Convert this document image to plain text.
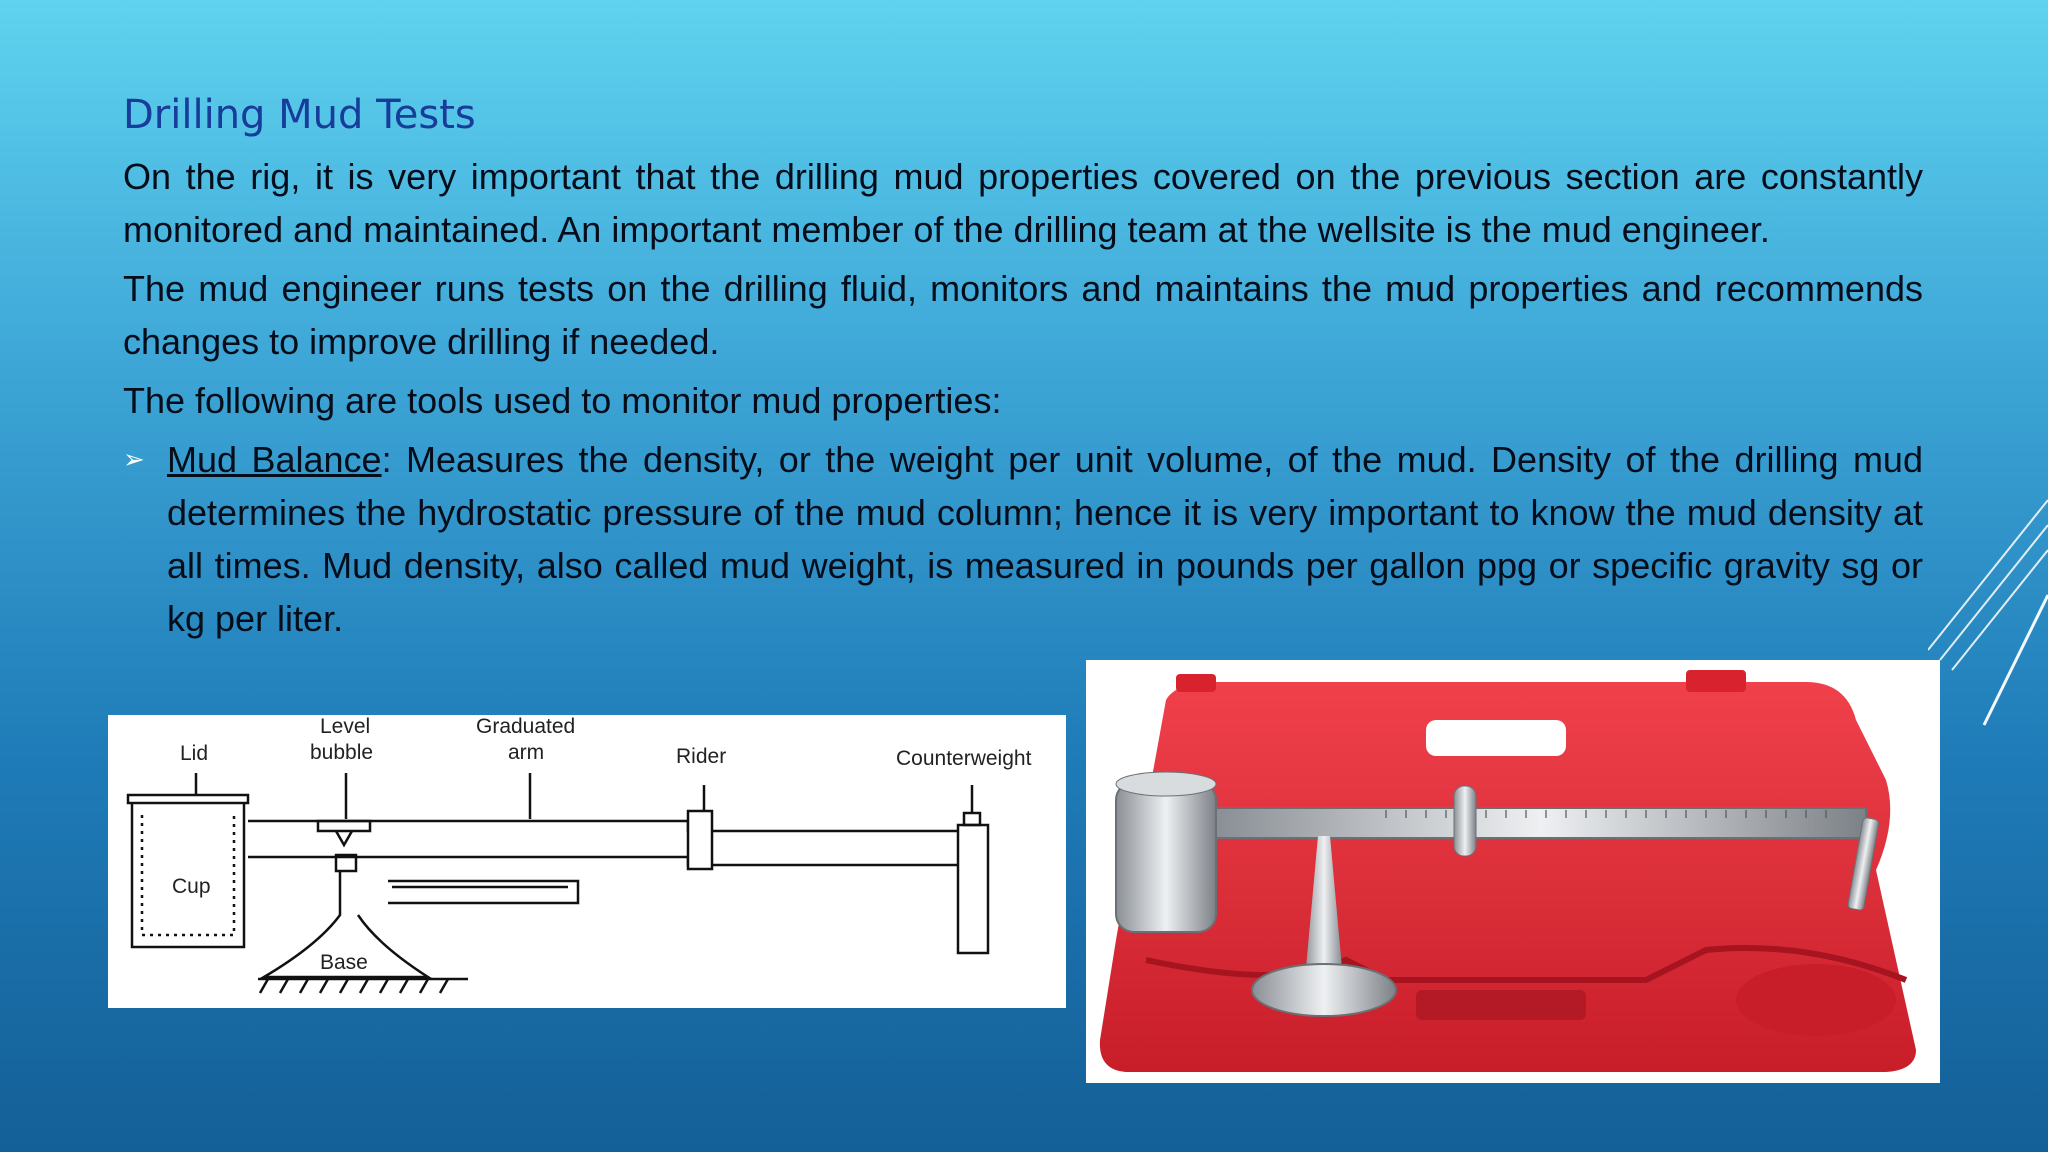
Drilling Mud Tests

On the rig, it is very important that the drilling mud properties covered on the previous section are constantly monitored and maintained. An important member of the drilling team at the wellsite is the mud engineer.

The mud engineer runs tests on the drilling fluid, monitors and maintains the mud properties and recommends changes to improve drilling if needed.

The following are tools used to monitor mud properties:

➢ Mud Balance: Measures the density, or the weight per unit volume, of the mud. Density of the drilling mud determines the hydrostatic pressure of the mud column; hence it is very important to know the mud density at all times. Mud density, also called mud weight, is measured in pounds per gallon ppg or specific gravity sg or kg per liter.
Lid
Level
bubble
Graduated
arm	Rider	Counterweight
Cup
Base
